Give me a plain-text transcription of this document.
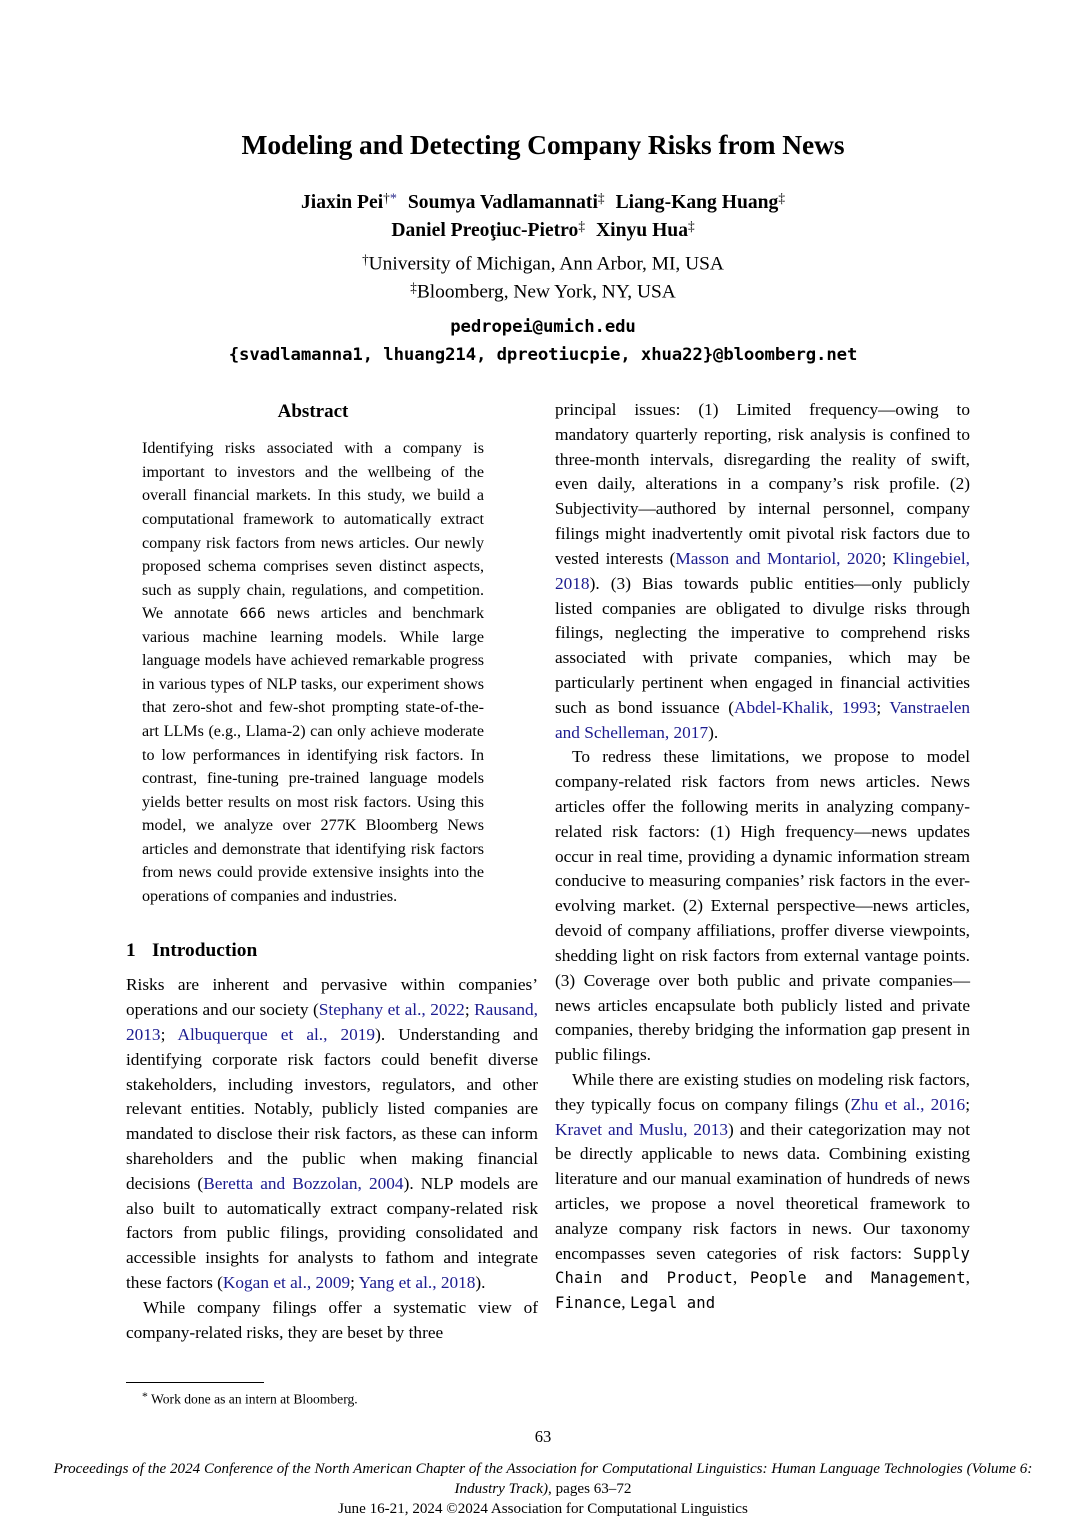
Modeling and Detecting Company Risks from News
Jiaxin Pei†* Soumya Vadlamannati‡ Liang-Kang Huang‡
Daniel Preoţiuc-Pietro‡ Xinyu Hua‡
†University of Michigan, Ann Arbor, MI, USA
‡Bloomberg, New York, NY, USA
pedropei@umich.edu
{svadlamanna1, lhuang214, dpreotiucpie, xhua22}@bloomberg.net
Abstract

Identifying risks associated with a company is important to investors and the wellbeing of the overall financial markets. In this study, we build a computational framework to automatically extract company risk factors from news articles. Our newly proposed schema comprises seven distinct aspects, such as supply chain, regulations, and competition. We annotate 666 news articles and benchmark various machine learning models. While large language models have achieved remarkable progress in various types of NLP tasks, our experiment shows that zero-shot and few-shot prompting state-of-the-art LLMs (e.g., Llama-2) can only achieve moderate to low performances in identifying risk factors. In contrast, fine-tuning pre-trained language models yields better results on most risk factors. Using this model, we analyze over 277K Bloomberg News articles and demonstrate that identifying risk factors from news could provide extensive insights into the operations of companies and industries.

1 Introduction

Risks are inherent and pervasive within companies’ operations and our society (Stephany et al., 2022; Rausand, 2013; Albuquerque et al., 2019). Understanding and identifying corporate risk factors could benefit diverse stakeholders, including investors, regulators, and other relevant entities. Notably, publicly listed companies are mandated to disclose their risk factors, as these can inform shareholders and the public when making financial decisions (Beretta and Bozzolan, 2004). NLP models are also built to automatically extract company-related risk factors from public filings, providing consolidated and accessible insights for analysts to fathom and integrate these factors (Kogan et al., 2009; Yang et al., 2018).

While company filings offer a systematic view of company-related risks, they are beset by three

principal issues: (1) Limited frequency—owing to mandatory quarterly reporting, risk analysis is confined to three-month intervals, disregarding the reality of swift, even daily, alterations in a company’s risk profile. (2) Subjectivity—authored by internal personnel, company filings might inadvertently omit pivotal risk factors due to vested interests (Masson and Montariol, 2020; Klingebiel, 2018). (3) Bias towards public entities—only publicly listed companies are obligated to divulge risks through filings, neglecting the imperative to comprehend risks associated with private companies, which may be particularly pertinent when engaged in financial activities such as bond issuance (Abdel-Khalik, 1993; Vanstraelen and Schelleman, 2017).

To redress these limitations, we propose to model company-related risk factors from news articles. News articles offer the following merits in analyzing company-related risk factors: (1) High frequency—news updates occur in real time, providing a dynamic information stream conducive to measuring companies’ risk factors in the ever-evolving market. (2) External perspective—news articles, devoid of company affiliations, proffer diverse viewpoints, shedding light on risk factors from external vantage points. (3) Coverage over both public and private companies—news articles encapsulate both publicly listed and private companies, thereby bridging the information gap present in public filings.

While there are existing studies on modeling risk factors, they typically focus on company filings (Zhu et al., 2016; Kravet and Muslu, 2013) and their categorization may not be directly applicable to news data. Combining existing literature and our manual examination of hundreds of news articles, we propose a novel theoretical framework to analyze company risk factors in news. Our taxonomy encompasses seven categories of risk factors: Supply Chain and Product, People and Management, Finance, Legal and

* Work done as an intern at Bloomberg.
63
Proceedings of the 2024 Conference of the North American Chapter of the Association for Computational Linguistics: Human Language Technologies (Volume 6:
Industry Track), pages 63–72
June 16-21, 2024 ©2024 Association for Computational Linguistics
